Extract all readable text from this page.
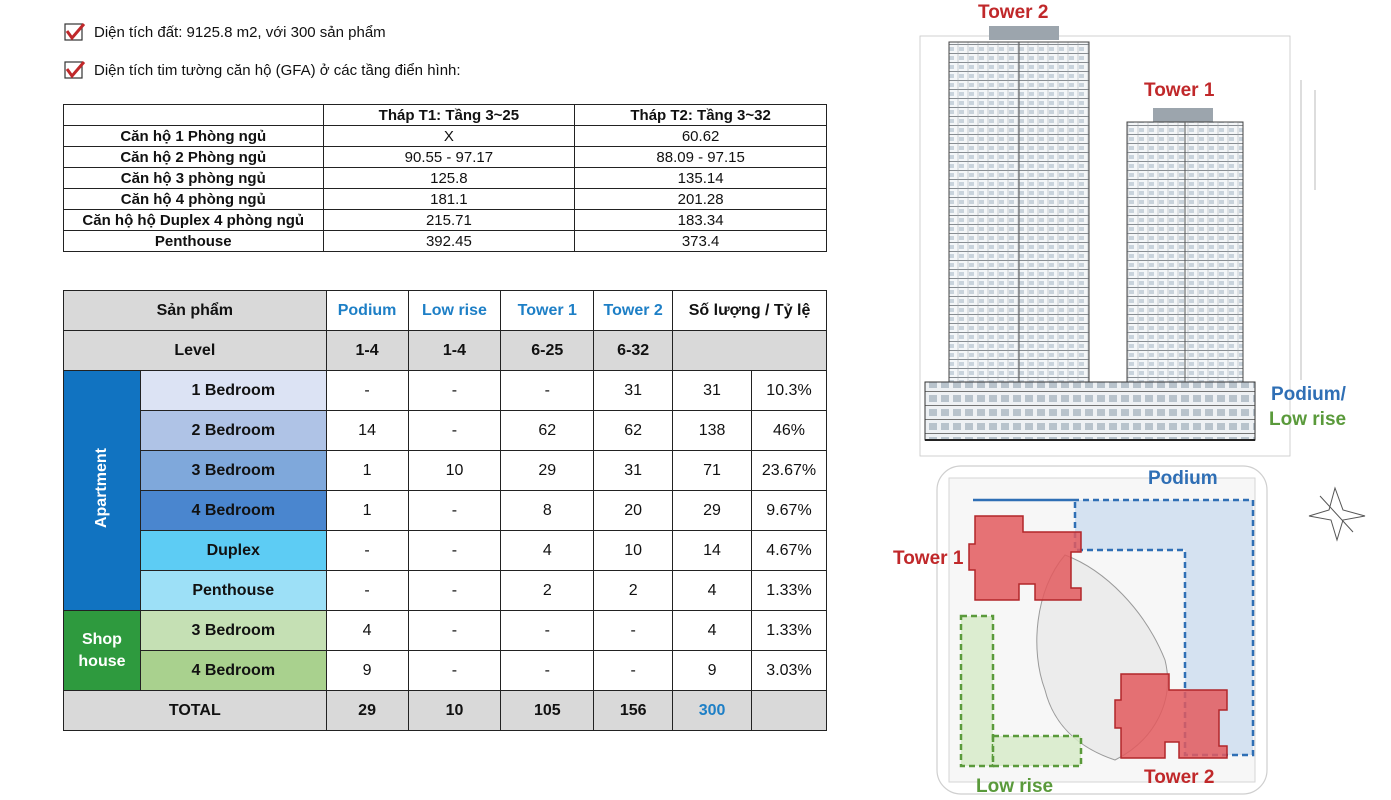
Diện tích đất: 9125.8 m2, với 300 sản phẩm
Diện tích tim tường căn hộ (GFA) ở các tầng điển hình:
	Tháp T1: Tầng 3~25	Tháp T2: Tầng 3~32
Căn hộ 1 Phòng ngủ	X	60.62
Căn hộ 2 Phòng ngủ	90.55 - 97.17	88.09 - 97.15
Căn hộ 3 phòng ngủ	125.8	135.14
Căn hộ 4 phòng ngủ	181.1	201.28
Căn hộ hộ Duplex 4 phòng ngủ	215.71	183.34
Penthouse	392.45	373.4
Sản phẩm		Podium	Low rise	Tower 1	Tower 2	Số lượng / Tỷ lệ	
Level		1-4	1-4	6-25	6-32		
Apartment	1 Bedroom	-	-	-	31	31	10.3%
	2 Bedroom	14	-	62	62	138	46%
	3 Bedroom	1	10	29	31	71	23.67%
	4 Bedroom	1	-	8	20	29	9.67%
	Duplex	-	-	4	10	14	4.67%
	Penthouse	-	-	2	2	4	1.33%

Shop
house	3 Bedroom	4	-	-	-	4	1.33%
	4 Bedroom	9	-	-	-	9	3.03%
TOTAL		29	10	105	156	300	
Tower 2
Tower 1
Podium/
Low rise
Podium
Tower 1
Tower 2
Low rise
